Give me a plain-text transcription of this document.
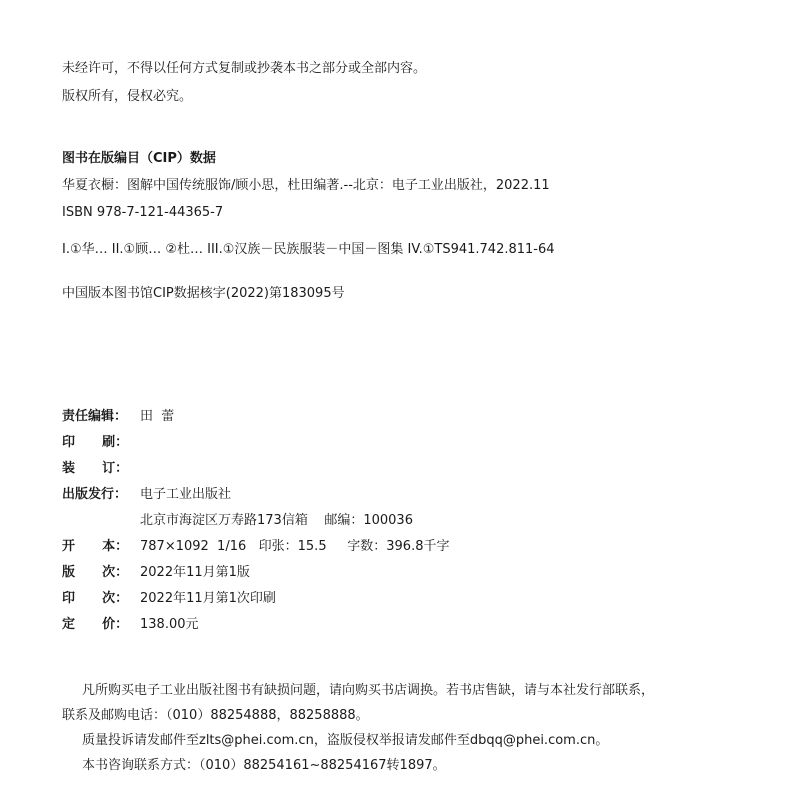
未经许可，不得以任何方式复制或抄袭本书之部分或全部内容。
版权所有，侵权必究。
图书在版编目（CIP）数据
华夏衣橱：图解中国传统服饰/顾小思，杜田编著.--北京：电子工业出版社，2022.11
ISBN 978-7-121-44365-7
I.①华… II.①顾… ②杜… III.①汉族－民族服装－中国－图集 IV.①TS941.742.811-64
中国版本图书馆CIP数据核字(2022)第183095号
责任编辑： 田  蕾
印      刷：
装      订：
出版发行： 电子工业出版社
北京市海淀区万寿路173信箱    邮编：100036
开      本： 787×1092  1/16   印张：15.5     字数：396.8千字
版      次： 2022年11月第1版
印      次： 2022年11月第1次印刷
定      价： 138.00元
凡所购买电子工业出版社图书有缺损问题，请向购买书店调换。若书店售缺，请与本社发行部联系，
联系及邮购电话：（010）88254888，88258888。
质量投诉请发邮件至zlts@phei.com.cn，盗版侵权举报请发邮件至dbqq@phei.com.cn。
本书咨询联系方式：（010）88254161~88254167转1897。
